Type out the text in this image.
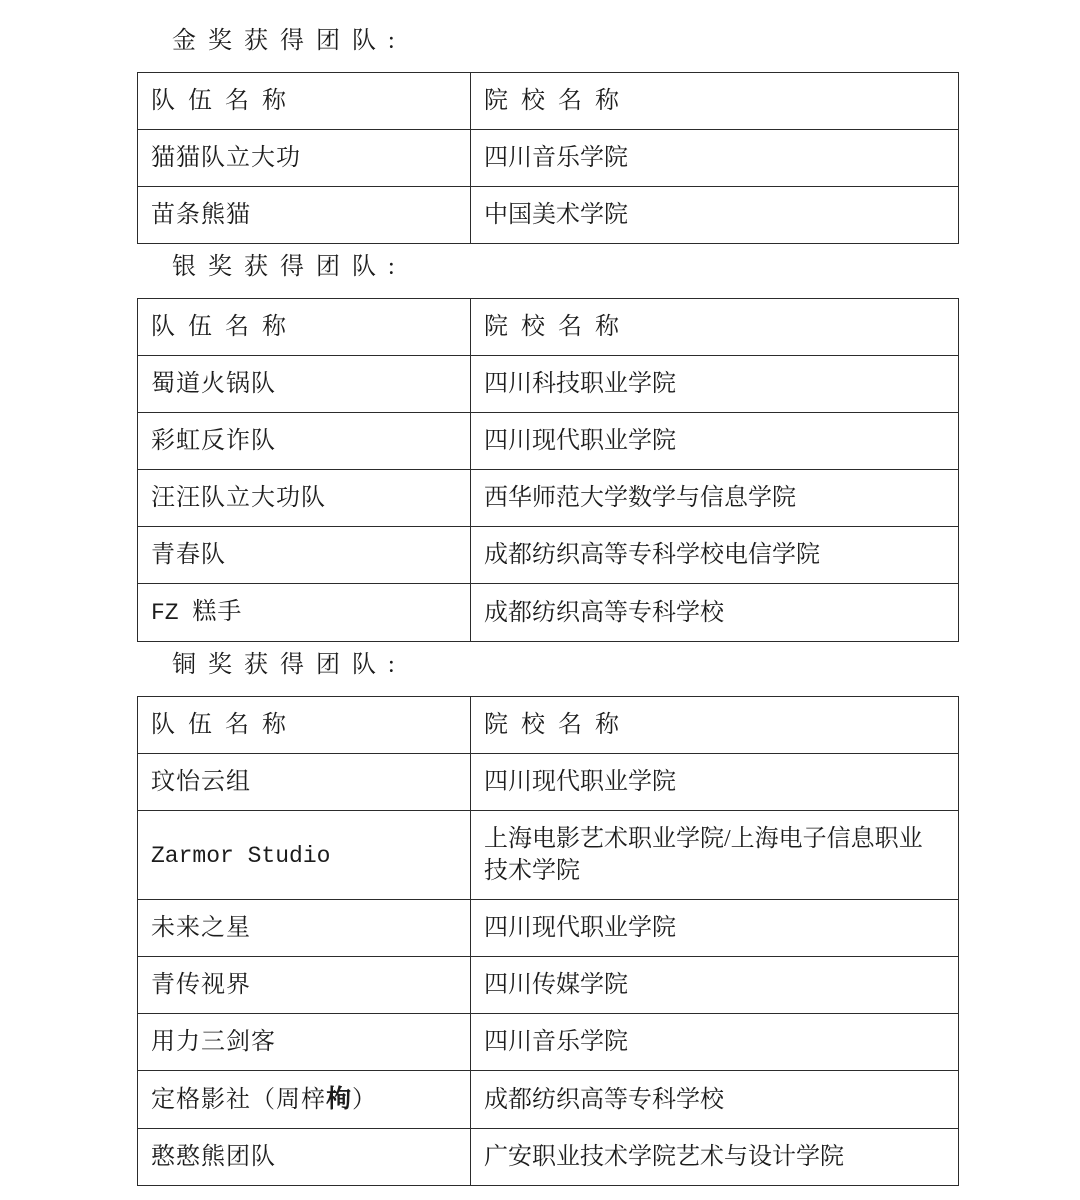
金奖获得团队:
队伍名称	院校名称
猫猫队立大功	四川音乐学院
苗条熊猫	中国美术学院
银奖获得团队:
队伍名称	院校名称
蜀道火锅队	四川科技职业学院
彩虹反诈队	四川现代职业学院
汪汪队立大功队	西华师范大学数学与信息学院
青春队	成都纺织高等专科学校电信学院
FZ 糕手	成都纺织高等专科学校
铜奖获得团队:
队伍名称	院校名称
玟怡云组	四川现代职业学院
Zarmor Studio	上海电影艺术职业学院/上海电子信息职业技术学院
未来之星	四川现代职业学院
青传视界	四川传媒学院
用力三剑客	四川音乐学院
定格影社（周梓栒）	成都纺织高等专科学校
憨憨熊团队	广安职业技术学院艺术与设计学院
